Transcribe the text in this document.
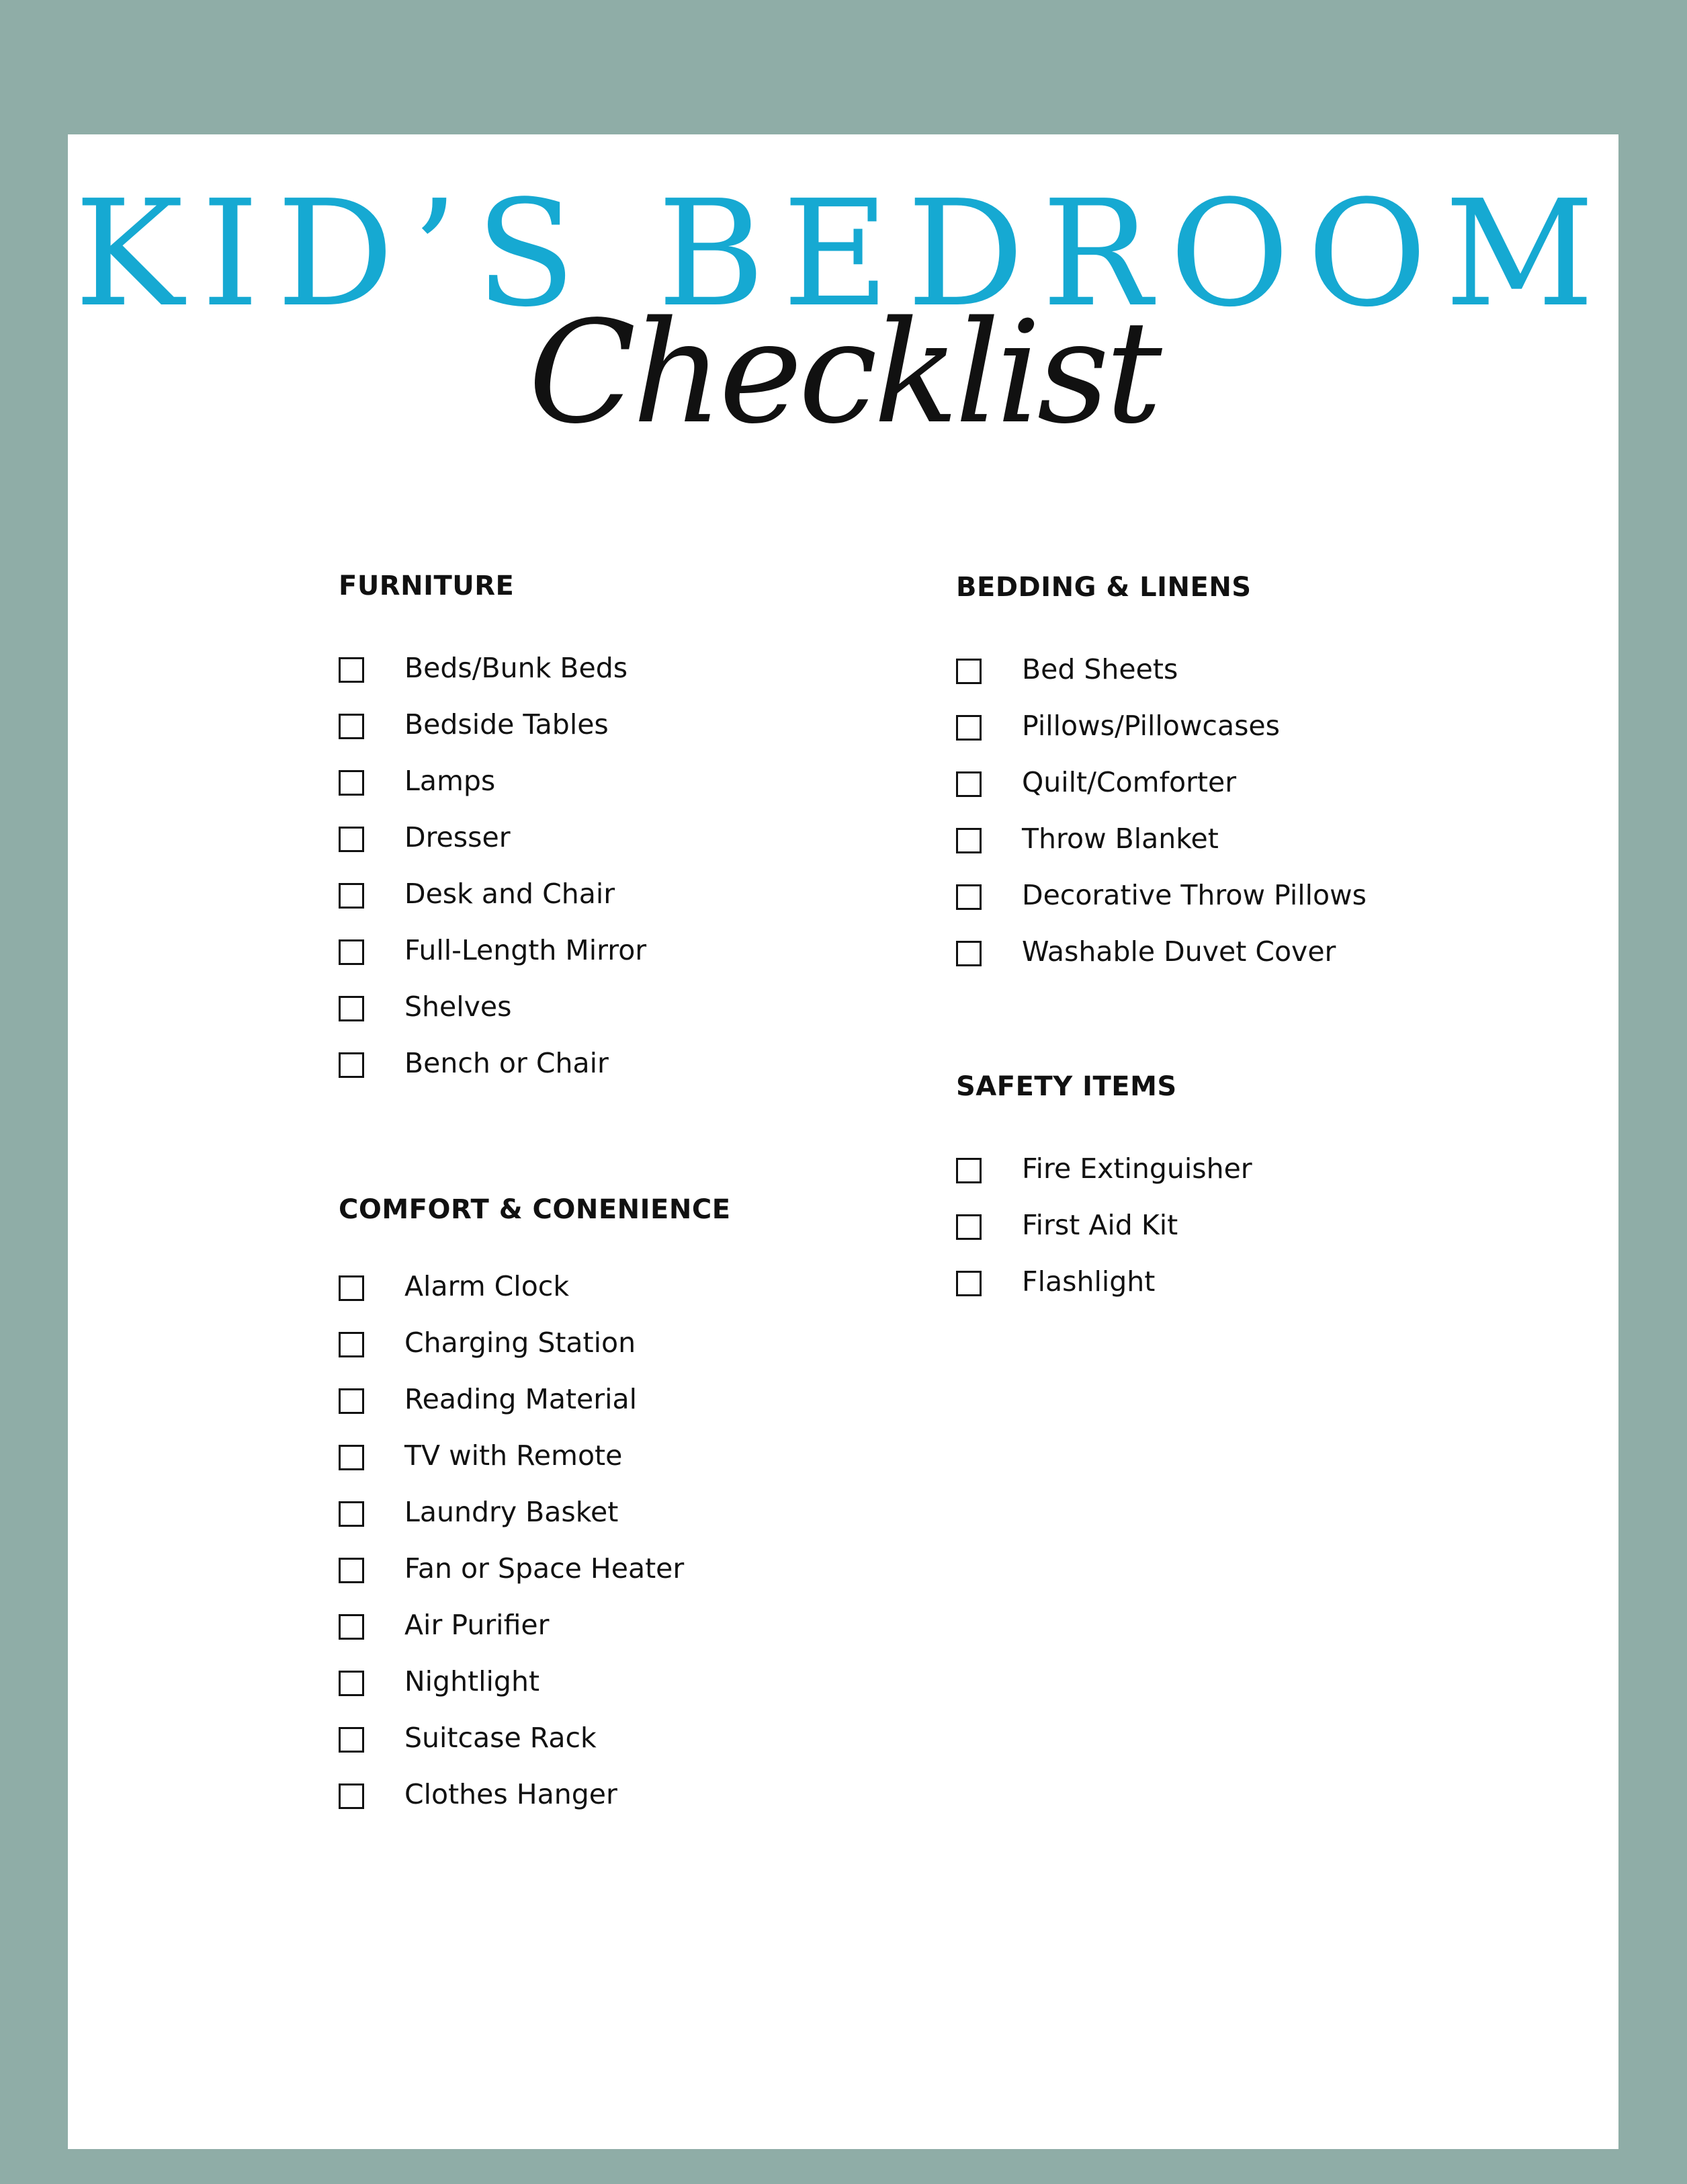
KID’S BEDROOM
Checklist
FURNITURE
Beds/Bunk Beds
Bedside Tables
Lamps
Dresser
Desk and Chair
Full-Length Mirror
Shelves
Bench or Chair
BEDDING & LINENS
Bed Sheets
Pillows/Pillowcases
Quilt/Comforter
Throw Blanket
Decorative Throw Pillows
Washable Duvet Cover
SAFETY ITEMS
Fire Extinguisher
First Aid Kit
Flashlight
COMFORT & CONENIENCE
Alarm Clock
Charging Station
Reading Material
TV with Remote
Laundry Basket
Fan or Space Heater
Air Purifier
Nightlight
Suitcase Rack
Clothes Hanger
